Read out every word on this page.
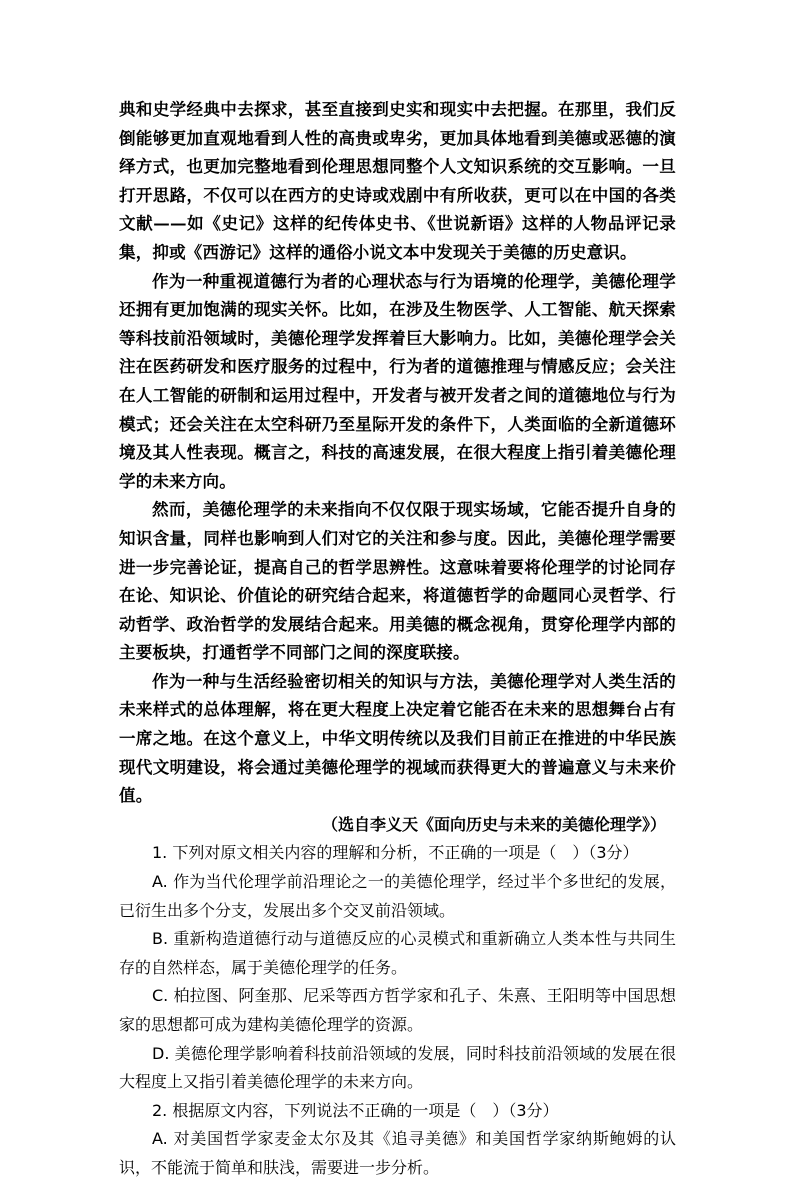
典和史学经典中去探求，甚至直接到史实和现实中去把握。在那里，我们反倒能够更加直观地看到人性的高贵或卑劣，更加具体地看到美德或恶德的演绎方式，也更加完整地看到伦理思想同整个人文知识系统的交互影响。一旦打开思路，不仅可以在西方的史诗或戏剧中有所收获，更可以在中国的各类文献——如《史记》这样的纪传体史书、《世说新语》这样的人物品评记录集，抑或《西游记》这样的通俗小说文本中发现关于美德的历史意识。

作为一种重视道德行为者的心理状态与行为语境的伦理学，美德伦理学还拥有更加饱满的现实关怀。比如，在涉及生物医学、人工智能、航天探索等科技前沿领域时，美德伦理学发挥着巨大影响力。比如，美德伦理学会关注在医药研发和医疗服务的过程中，行为者的道德推理与情感反应；会关注在人工智能的研制和运用过程中，开发者与被开发者之间的道德地位与行为模式；还会关注在太空科研乃至星际开发的条件下，人类面临的全新道德环境及其人性表现。概言之，科技的高速发展，在很大程度上指引着美德伦理学的未来方向。

然而，美德伦理学的未来指向不仅仅限于现实场域，它能否提升自身的知识含量，同样也影响到人们对它的关注和参与度。因此，美德伦理学需要进一步完善论证，提高自己的哲学思辨性。这意味着要将伦理学的讨论同存在论、知识论、价值论的研究结合起来，将道德哲学的命题同心灵哲学、行动哲学、政治哲学的发展结合起来。用美德的概念视角，贯穿伦理学内部的主要板块，打通哲学不同部门之间的深度联接。

作为一种与生活经验密切相关的知识与方法，美德伦理学对人类生活的未来样式的总体理解，将在更大程度上决定着它能否在未来的思想舞台占有一席之地。在这个意义上，中华文明传统以及我们目前正在推进的中华民族现代文明建设，将会通过美德伦理学的视域而获得更大的普遍意义与未来价值。

（选自李义天《面向历史与未来的美德伦理学》）

1. 下列对原文相关内容的理解和分析，不正确的一项是（　）（3分）

A. 作为当代伦理学前沿理论之一的美德伦理学，经过半个多世纪的发展，已衍生出多个分支，发展出多个交叉前沿领域。

B. 重新构造道德行动与道德反应的心灵模式和重新确立人类本性与共同生存的自然样态，属于美德伦理学的任务。

C. 柏拉图、阿奎那、尼采等西方哲学家和孔子、朱熹、王阳明等中国思想家的思想都可成为建构美德伦理学的资源。

D. 美德伦理学影响着科技前沿领域的发展，同时科技前沿领域的发展在很大程度上又指引着美德伦理学的未来方向。

2. 根据原文内容，下列说法不正确的一项是（　）（3分）

A. 对美国哲学家麦金太尔及其《追寻美德》和美国哲学家纳斯鲍姆的认识，不能流于简单和肤浅，需要进一步分析。
